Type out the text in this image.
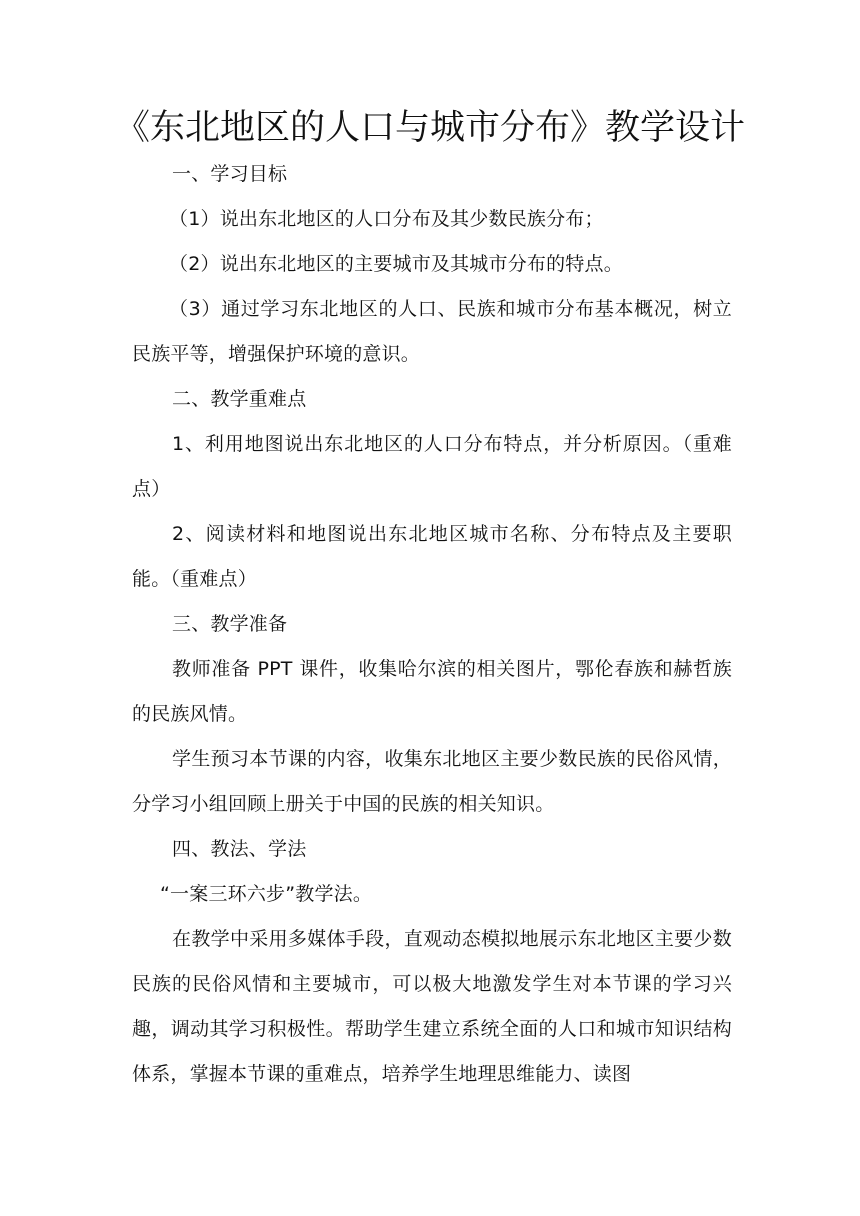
《东北地区的人口与城市分布》教学设计

一、学习目标

（1）说出东北地区的人口分布及其少数民族分布；

（2）说出东北地区的主要城市及其城市分布的特点。

（3）通过学习东北地区的人口、民族和城市分布基本概况，树立民族平等，增强保护环境的意识。

二、教学重难点

1、利用地图说出东北地区的人口分布特点，并分析原因。（重难点）

2、阅读材料和地图说出东北地区城市名称、分布特点及主要职能。（重难点）

三、教学准备

教师准备 PPT 课件，收集哈尔滨的相关图片，鄂伦春族和赫哲族的民族风情。

学生预习本节课的内容，收集东北地区主要少数民族的民俗风情，分学习小组回顾上册关于中国的民族的相关知识。

四、教法、学法

“一案三环六步”教学法。

在教学中采用多媒体手段，直观动态模拟地展示东北地区主要少数民族的民俗风情和主要城市，可以极大地激发学生对本节课的学习兴趣，调动其学习积极性。帮助学生建立系统全面的人口和城市知识结构体系，掌握本节课的重难点，培养学生地理思维能力、读图
